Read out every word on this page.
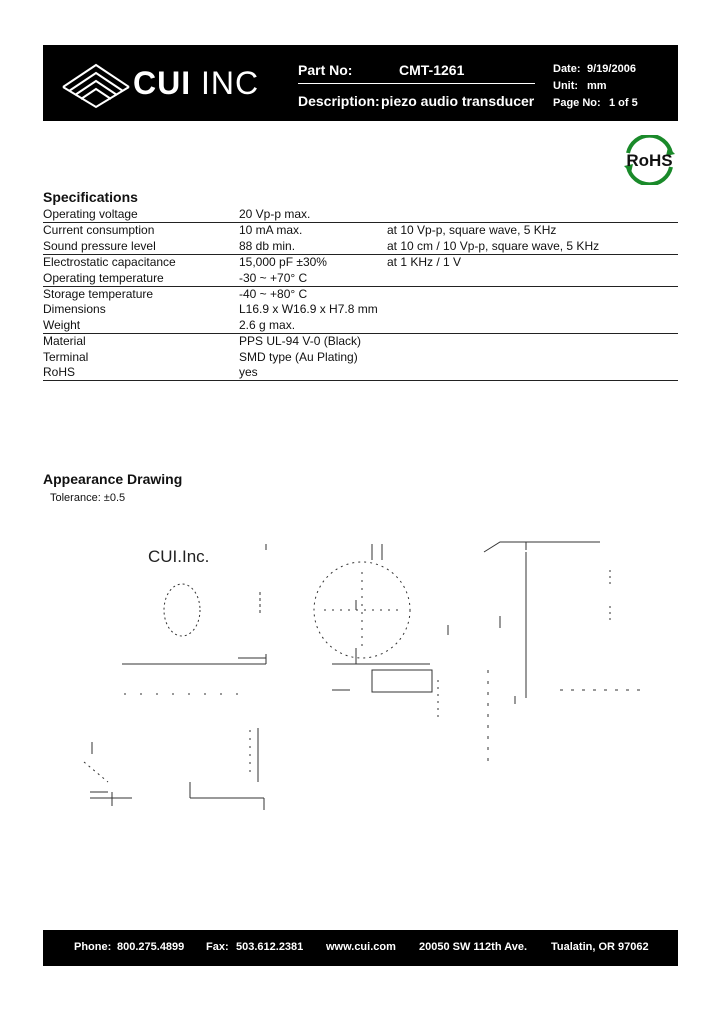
CUI INC	Part No:	CMT-1261
Description: piezo audio transducer
Date: 9/19/2006
Unit: mm
Page No: 1 of 5
RoHS
Specifications
Operating voltage	20 Vp-p max.
Current consumption	10 mA max.	at 10 Vp-p, square wave, 5 KHz
Sound pressure level	88 db min.	at 10 cm / 10 Vp-p, square wave, 5 KHz
Electrostatic capacitance	15,000 pF ±30%	at 1 KHz / 1 V
Operating temperature	-30 ~ +70° C
Storage temperature	-40 ~ +80° C
Dimensions	L16.9 x W16.9 x H7.8 mm
Weight	2.6 g max.
Material	PPS UL-94 V-0 (Black)
Terminal	SMD type (Au Plating)
RoHS	yes
Appearance Drawing
Tolerance: ±0.5
CUI.Inc.
Phone: 800.275.4899 Fax: 503.612.2381 www.cui.com 20050 SW 112th Ave. Tualatin, OR 97062
